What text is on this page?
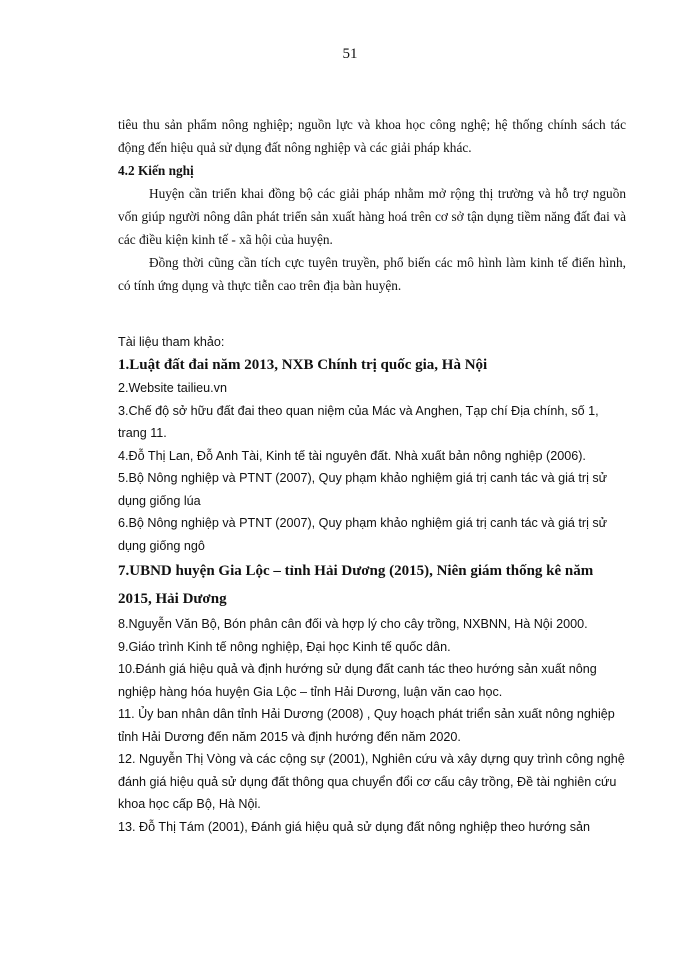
51

tiêu thu sản phẩm nông nghiệp; nguồn lực và khoa học công nghệ; hệ thống chính sách tác động đến hiệu quả sử dụng đất nông nghiệp và các giải pháp khác.

4.2 Kiến nghị

Huyện cần triển khai đồng bộ các giải pháp nhằm mở rộng thị trường và hỗ trợ nguồn vốn giúp người nông dân phát triển sản xuất hàng hoá trên cơ sở tận dụng tiềm năng đất đai và các điều kiện kinh tế - xã hội của huyện.

Đồng thời cũng cần tích cực tuyên truyền, phổ biến các mô hình làm kinh tế điển hình, có tính ứng dụng và thực tiễn cao trên địa bàn huyện.

Tài liệu tham khảo:

1.Luật đất đai năm 2013, NXB Chính trị quốc gia, Hà Nội

2.Website tailieu.vn

3.Chế độ sở hữu đất đai theo quan niệm của Mác và Anghen, Tạp chí Địa chính, số 1, trang 11.

4.Đỗ Thị Lan, Đỗ Anh Tài, Kinh tế tài nguyên đất. Nhà xuất bản nông nghiệp (2006).

5.Bộ Nông nghiệp và PTNT (2007), Quy phạm khảo nghiệm giá trị canh tác và giá trị sử dụng giống lúa

6.Bộ Nông nghiệp và PTNT (2007), Quy phạm khảo nghiệm giá trị canh tác và giá trị sử dụng giống ngô

7.UBND huyện Gia Lộc – tỉnh Hải Dương (2015), Niên giám thống kê năm 2015, Hải Dương

8.Nguyễn Văn Bộ, Bón phân cân đối và hợp lý cho cây trồng, NXBNN, Hà Nội 2000.

9.Giáo trình Kinh tế nông nghiệp, Đại học Kinh tế quốc dân.

10.Đánh giá hiệu quả và định hướng sử dụng đất canh tác theo hướng sản xuất nông nghiệp hàng hóa huyện Gia Lộc – tỉnh Hải Dương, luận văn cao học.

11. Ủy ban nhân dân tỉnh Hải Dương (2008) , Quy hoạch phát triển sản xuất nông nghiệp tỉnh Hải Dương đến năm 2015 và định hướng đến năm 2020.

12. Nguyễn Thị Vòng và các cộng sự (2001), Nghiên cứu và xây dựng quy trình công nghệ đánh giá hiệu quả sử dụng đất thông qua chuyển đổi cơ cấu cây trồng, Đề tài nghiên cứu khoa học cấp Bộ, Hà Nội.

13. Đỗ Thị Tám (2001), Đánh giá hiệu quả sử dụng đất nông nghiệp theo hướng sản
